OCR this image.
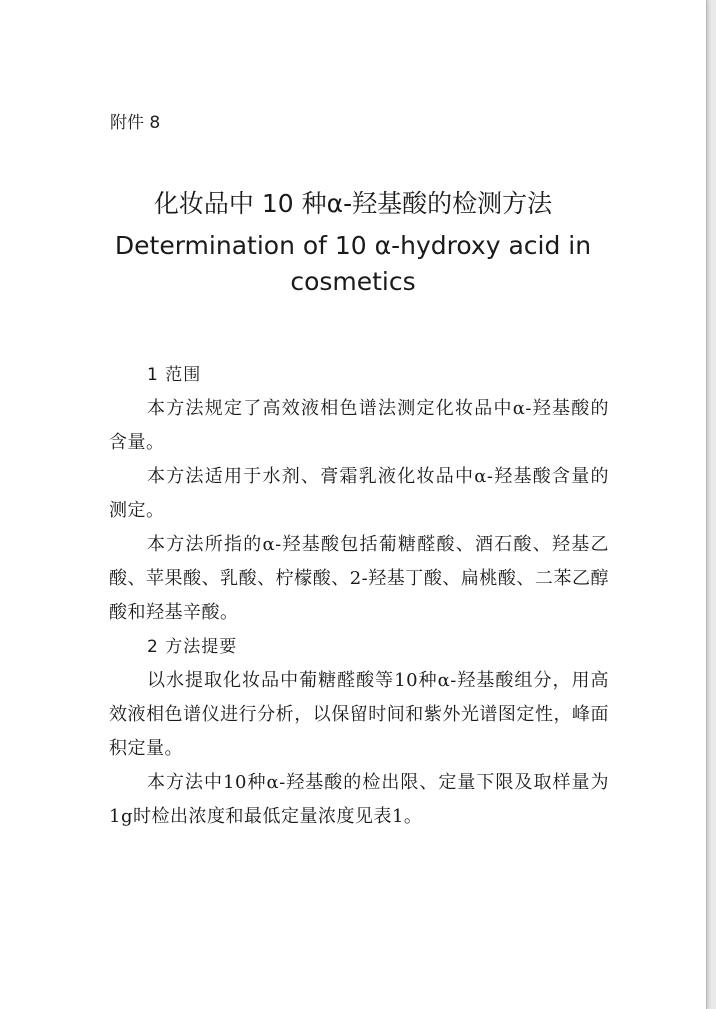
附件 8
化妆品中 10 种α-羟基酸的检测方法
Determination of 10 α-hydroxy acid in
cosmetics
1 范围
本方法规定了高效液相色谱法测定化妆品中α-羟基酸的含量。
本方法适用于水剂、膏霜乳液化妆品中α-羟基酸含量的测定。
本方法所指的α-羟基酸包括葡糖醛酸、酒石酸、羟基乙酸、苹果酸、乳酸、柠檬酸、2-羟基丁酸、扁桃酸、二苯乙醇酸和羟基辛酸。
2 方法提要
以水提取化妆品中葡糖醛酸等10种α-羟基酸组分，用高效液相色谱仪进行分析，以保留时间和紫外光谱图定性，峰面积定量。
本方法中10种α-羟基酸的检出限、定量下限及取样量为1g时检出浓度和最低定量浓度见表1。
